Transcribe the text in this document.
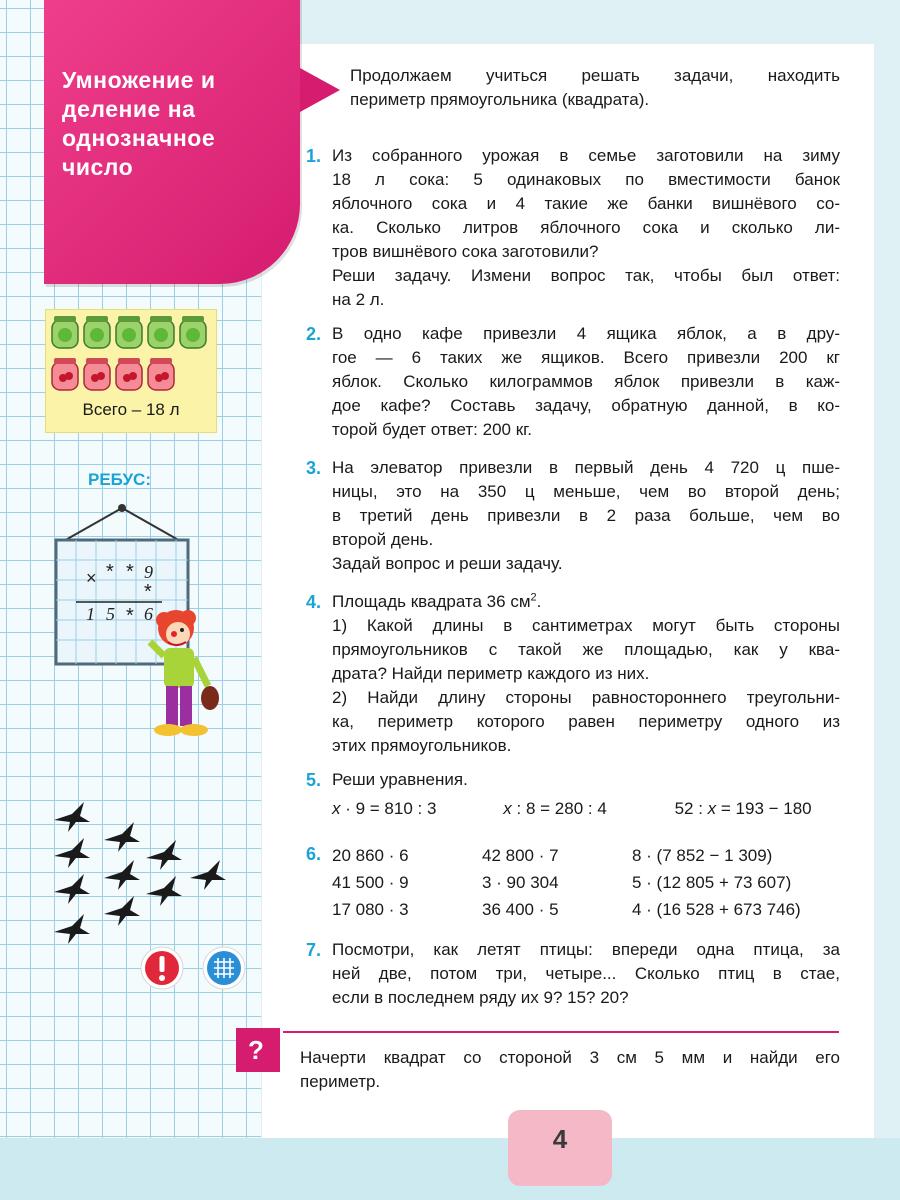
Умножение и
деление на
однозначное
число
Продолжаем учиться решать задачи, находить
периметр прямоугольника (квадрата).
1. Из собранного урожая в семье заготовили на зиму

18 л сока: 5 одинаковых по вместимости банок

яблочного сока и 4 такие же банки вишнёвого со-

ка. Сколько литров яблочного сока и сколько ли-

тров вишнёвого сока заготовили?

Реши задачу. Измени вопрос так, чтобы был ответ:

на 2 л.

2. В одно кафе привезли 4 ящика яблок, а в дру-

гое — 6 таких же ящиков. Всего привезли 200 кг

яблок. Сколько килограммов яблок привезли в каж-

дое кафе? Составь задачу, обратную данной, в ко-

торой будет ответ: 200 кг.

3. На элеватор привезли в первый день 4 720 ц пше-

ницы, это на 350 ц меньше, чем во второй день;

в третий день привезли в 2 раза больше, чем во

второй день.

Задай вопрос и реши задачу.

4. Площадь квадрата 36 $см^2$.

1) Какой длины в сантиметрах могут быть стороны

прямоугольников с такой же площадью, как у ква-

драта? Найди периметр каждого из них.

2) Найди длину стороны равностороннего треугольни-

ка, периметр которого равен периметру одного из

этих прямоугольников.

5. Реши уравнения.

x · 9 = 810 : 3	x : 8 = 280 : 4	52 : x = 193 − 180
6. 20 860 · 6	42 800 · 7	8 · (7 852 − 1 309)
41 500 · 9	3 · 90 304	5 · (12 805 + 73 607)
17 080 · 3	36 400 · 5	4 · (16 528 + 673 746)
7. Посмотри, как летят птицы: впереди одна птица, за

ней две, потом три, четыре... Сколько птиц в стае,

если в последнем ряду их 9? 15? 20?

? Начерти квадрат со стороной 3 см 5 мм и найди его
периметр.
4
Всего – 18 л
РЕБУС:
× * * 9
*
1 5 * 6
